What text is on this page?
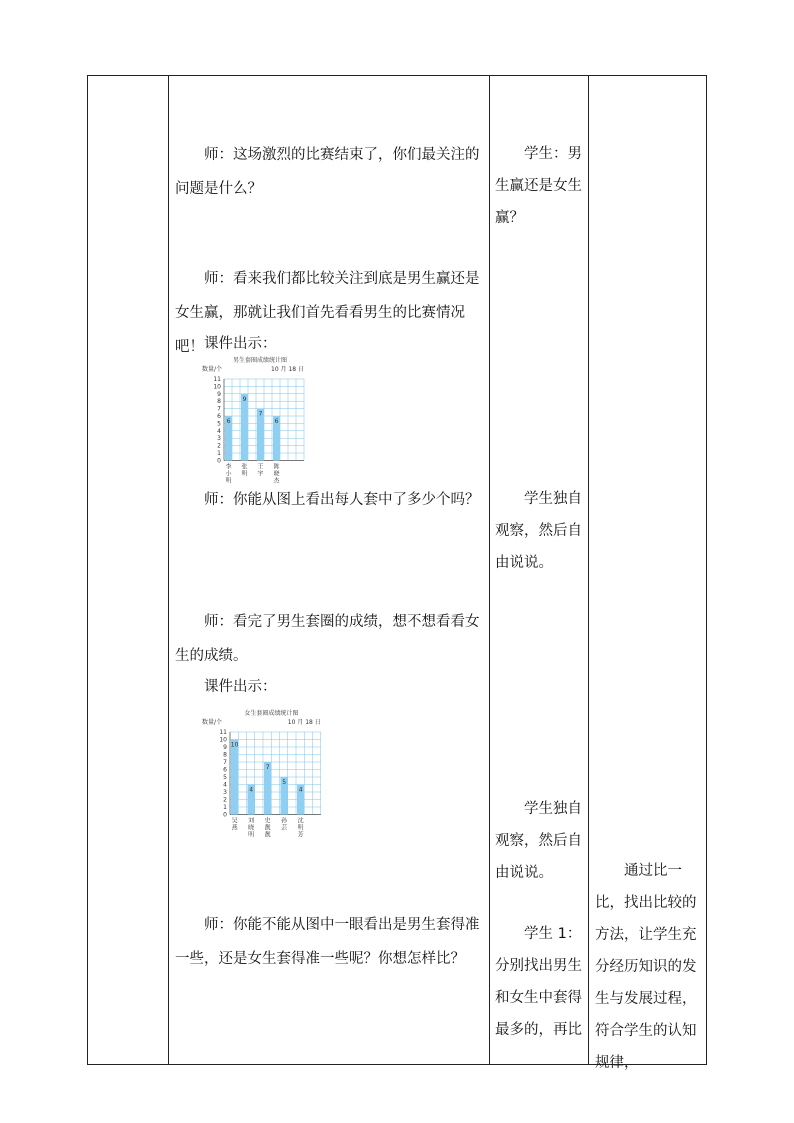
师：这场激烈的比赛结束了，你们最关注的问题是什么？
师：看来我们都比较关注到底是男生赢还是女生赢，那就让我们首先看看男生的比赛情况吧！ 课件出示：
男生套圈成绩统计图
数量/个	10 月 18 日
0
1
2
3
4
5
6
7
8
9
10
11
6
李小明
9
张明
7
王宇
6
陈晓杰
师：你能从图上看出每人套中了多少个吗？
师：看完了男生套圈的成绩，想不想看看女生的成绩。
课件出示：
女生套圈成绩统计图
数量/个	10 月 18 日
0
1
2
3
4
5
6
7
8
9
10
11
10
吴燕
4
刘晓明
7
史靓靓
5
孙芸
4
沈明芳
师：你能不能从图中一眼看出是男生套得准一些，还是女生套得准一些呢？你想怎样比？
学生：男生赢还是女生赢？
学生独自观察，然后自由说说。
学生独自观察，然后自由说说。
学生 1：分别找出男生和女生中套得最多的，再比
通过比一比，找出比较的方法，让学生充分经历知识的发生与发展过程，符合学生的认知规律，
